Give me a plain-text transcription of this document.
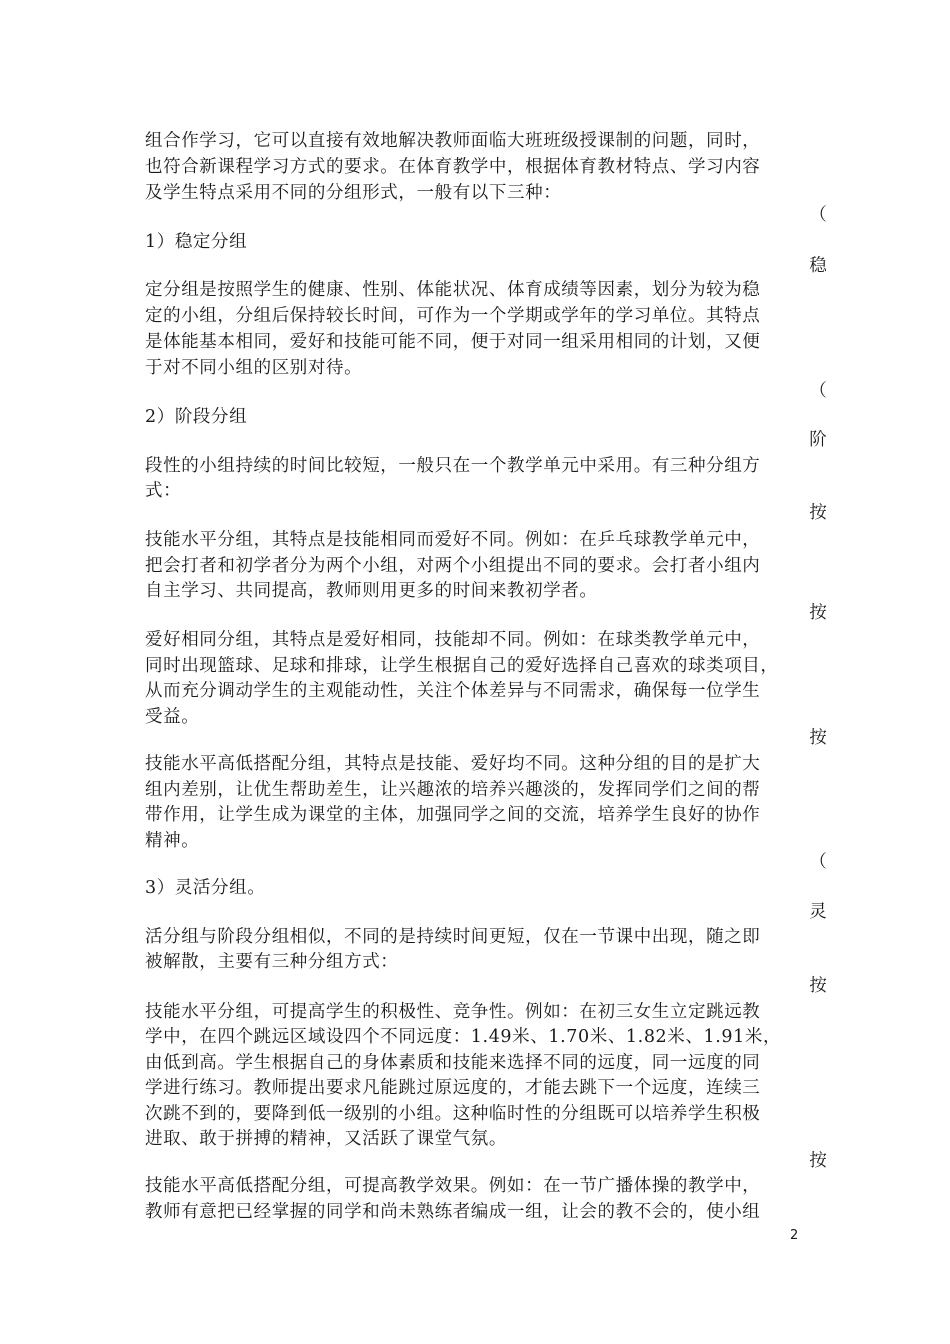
组合作学习，它可以直接有效地解决教师面临大班班级授课制的问题，同时，
也符合新课程学习方式的要求。在体育教学中，根据体育教材特点、学习内容
及学生特点采用不同的分组形式，一般有以下三种：
（
1）稳定分组
稳
定分组是按照学生的健康、性别、体能状况、体育成绩等因素，划分为较为稳
定的小组，分组后保持较长时间，可作为一个学期或学年的学习单位。其特点
是体能基本相同，爱好和技能可能不同，便于对同一组采用相同的计划，又便
于对不同小组的区别对待。
（
2）阶段分组
阶
段性的小组持续的时间比较短，一般只在一个教学单元中采用。有三种分组方
式：
按
技能水平分组，其特点是技能相同而爱好不同。例如：在乒乓球教学单元中，
把会打者和初学者分为两个小组，对两个小组提出不同的要求。会打者小组内
自主学习、共同提高，教师则用更多的时间来教初学者。
按
爱好相同分组，其特点是爱好相同，技能却不同。例如：在球类教学单元中，
同时出现篮球、足球和排球，让学生根据自己的爱好选择自己喜欢的球类项目，
从而充分调动学生的主观能动性，关注个体差异与不同需求，确保每一位学生
受益。
按
技能水平高低搭配分组，其特点是技能、爱好均不同。这种分组的目的是扩大
组内差别，让优生帮助差生，让兴趣浓的培养兴趣淡的，发挥同学们之间的帮
带作用，让学生成为课堂的主体，加强同学之间的交流，培养学生良好的协作
精神。
（
3）灵活分组。
灵
活分组与阶段分组相似，不同的是持续时间更短，仅在一节课中出现，随之即
被解散，主要有三种分组方式：
按
技能水平分组，可提高学生的积极性、竞争性。例如：在初三女生立定跳远教
学中，在四个跳远区域设四个不同远度：1.49米、1.70米、1.82米、1.91米，
由低到高。学生根据自己的身体素质和技能来选择不同的远度，同一远度的同
学进行练习。教师提出要求凡能跳过原远度的，才能去跳下一个远度，连续三
次跳不到的，要降到低一级别的小组。这种临时性的分组既可以培养学生积极
进取、敢于拼搏的精神，又活跃了课堂气氛。
按
技能水平高低搭配分组，可提高教学效果。例如：在一节广播体操的教学中，
教师有意把已经掌握的同学和尚未熟练者编成一组，让会的教不会的，使小组
2
